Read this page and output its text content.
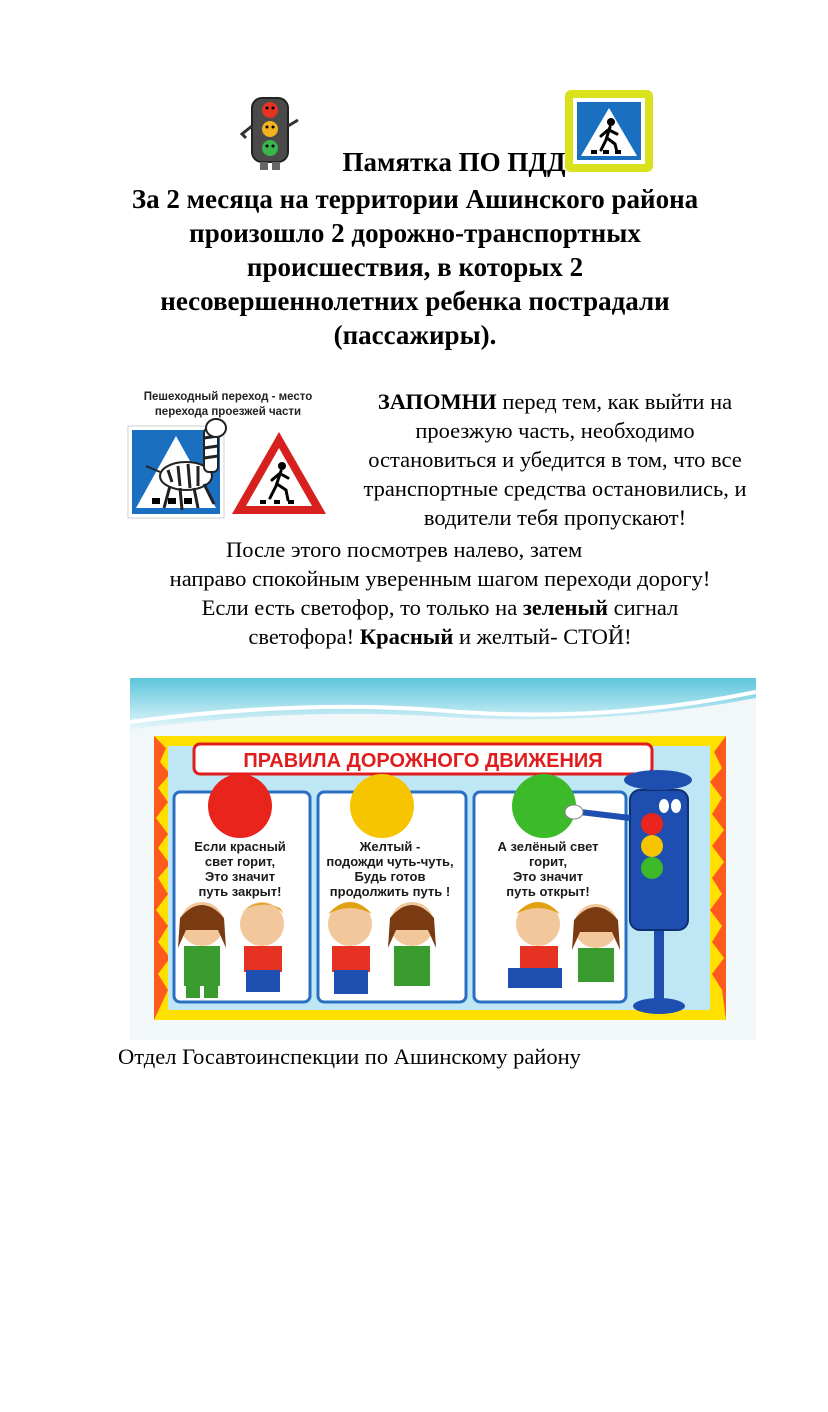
Памятка ПО ПДД
За 2 месяца на территории Ашинского района
произошло 2 дорожно-транспортных
происшествия, в которых 2
несовершеннолетних ребенка пострадали
(пассажиры).
Пешеходный переход - место
перехода проезжей части	ЗАПОМНИ перед тем, как выйти на
проезжую часть, необходимо
остановиться и убедится в том, что все
транспортные средства остановились, и
водители тебя пропускают!
После этого посмотрев налево, затем
направо спокойным уверенным шагом переходи дорогу!
Если есть светофор, то только на зеленый сигнал
светофора! Красный и желтый- СТОЙ!
ПРАВИЛА ДОРОЖНОГО ДВИЖЕНИЯ
Если красный
свет горит,
Это значит
путь закрыт!
Желтый -
подожди чуть-чуть,
Будь готов
продолжить путь !
А зелёный свет
горит,
Это значит
путь открыт!
Отдел Госавтоинспекции по Ашинскому району
